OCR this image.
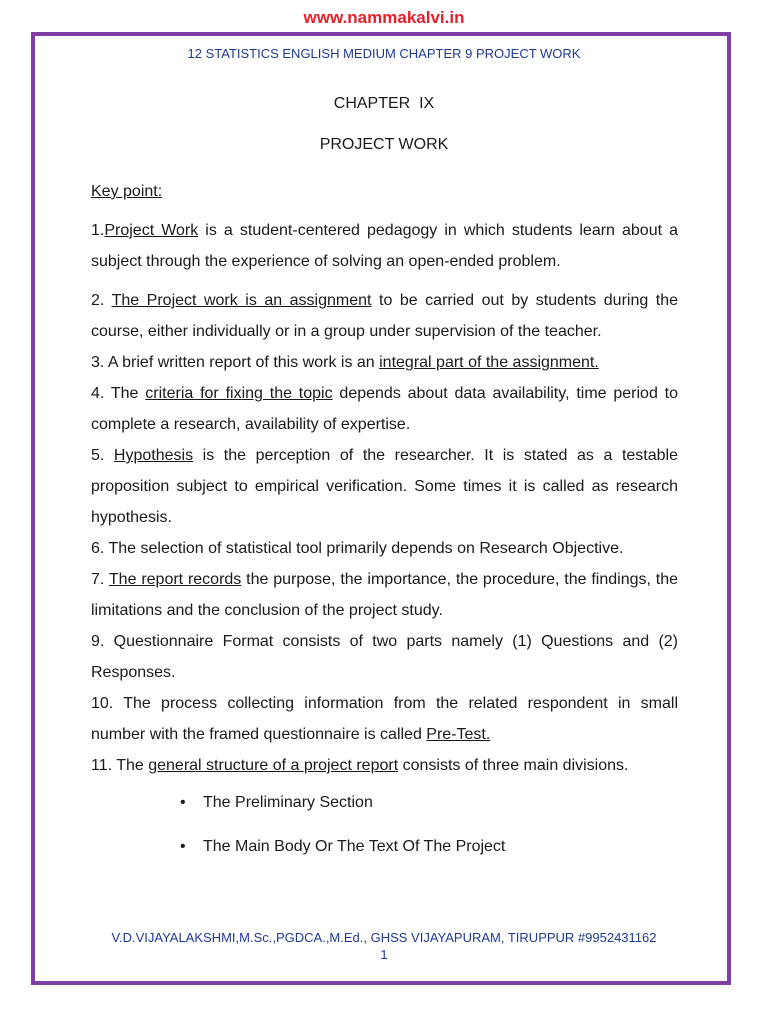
www.nammakalvi.in
12 STATISTICS ENGLISH MEDIUM CHAPTER 9 PROJECT WORK
CHAPTER  IX
PROJECT WORK
Key point:
1.Project Work is a student-centered pedagogy in which students learn about a subject through the experience of solving an open-ended problem.
2. The Project work is an assignment to be carried out by students during the course, either individually or in a group under supervision of the teacher.
3. A brief written report of this work is an integral part of the assignment.
4. The criteria for fixing the topic depends about data availability, time period to complete a research, availability of expertise.
5. Hypothesis is the perception of the researcher. It is stated as a testable proposition subject to empirical verification. Some times it is called as research hypothesis.
6. The selection of statistical tool primarily depends on Research Objective.
7. The report records the purpose, the importance, the procedure, the findings, the limitations and the conclusion of the project study.
9. Questionnaire Format consists of two parts namely (1) Questions and (2) Responses.
10. The process collecting information from the related respondent in small number with the framed questionnaire is called Pre-Test.
11. The general structure of a project report consists of three main divisions.
• The Preliminary Section
• The Main Body Or The Text Of The Project
V.D.VIJAYALAKSHMI,M.Sc.,PGDCA.,M.Ed., GHSS VIJAYAPURAM, TIRUPPUR #9952431162
1
